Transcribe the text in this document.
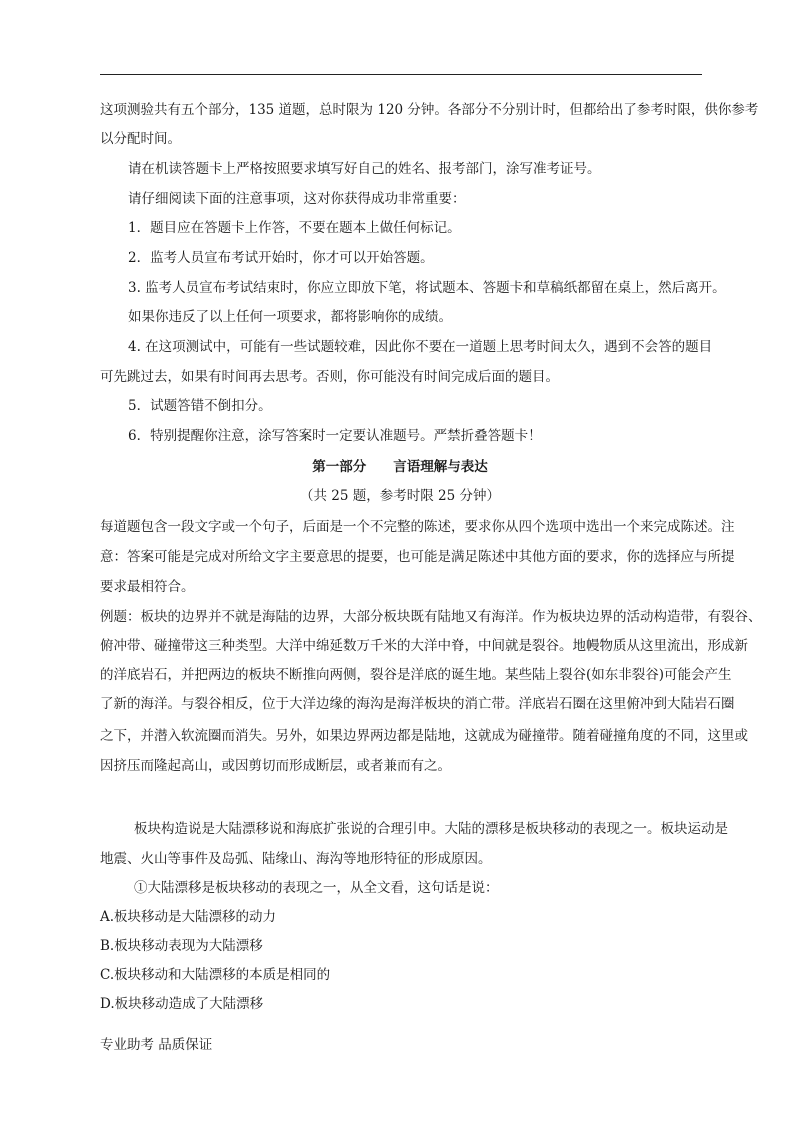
这项测验共有五个部分，135 道题，总时限为 120 分钟。各部分不分别计时，但都给出了参考时限，供你参考
以分配时间。
请在机读答题卡上严格按照要求填写好自己的姓名、报考部门，涂写准考证号。
请仔细阅读下面的注意事项，这对你获得成功非常重要：
1．题目应在答题卡上作答，不要在题本上做任何标记。
2．监考人员宣布考试开始时，你才可以开始答题。
3. 监考人员宣布考试结束时，你应立即放下笔，将试题本、答题卡和草稿纸都留在桌上，然后离开。
如果你违反了以上任何一项要求，都将影响你的成绩。
4. 在这项测试中，可能有一些试题较难，因此你不要在一道题上思考时间太久，遇到不会答的题目
可先跳过去，如果有时间再去思考。否则，你可能没有时间完成后面的题目。
5．试题答错不倒扣分。
6．特别提醒你注意，涂写答案时一定要认准题号。严禁折叠答题卡！
第一部分　　言语理解与表达
（共 25 题，参考时限 25 分钟）
每道题包含一段文字或一个句子，后面是一个不完整的陈述，要求你从四个选项中选出一个来完成陈述。注
意：答案可能是完成对所给文字主要意思的提要，也可能是满足陈述中其他方面的要求，你的选择应与所提
要求最相符合。
例题：板块的边界并不就是海陆的边界，大部分板块既有陆地又有海洋。作为板块边界的活动构造带，有裂谷、
俯冲带、碰撞带这三种类型。大洋中绵延数万千米的大洋中脊，中间就是裂谷。地幔物质从这里流出，形成新
的洋底岩石，并把两边的板块不断推向两侧，裂谷是洋底的诞生地。某些陆上裂谷(如东非裂谷)可能会产生
了新的海洋。与裂谷相反，位于大洋边缘的海沟是海洋板块的消亡带。洋底岩石圈在这里俯冲到大陆岩石圈
之下，并潜入软流圈而消失。另外，如果边界两边都是陆地，这就成为碰撞带。随着碰撞角度的不同，这里或
因挤压而隆起高山，或因剪切而形成断层，或者兼而有之。
板块构造说是大陆漂移说和海底扩张说的合理引申。大陆的漂移是板块移动的表现之一。板块运动是
地震、火山等事件及岛弧、陆缘山、海沟等地形特征的形成原因。
①大陆漂移是板块移动的表现之一，从全文看，这句话是说：
A.板块移动是大陆漂移的动力
B.板块移动表现为大陆漂移
C.板块移动和大陆漂移的本质是相同的
D.板块移动造成了大陆漂移
专业助考 品质保证
